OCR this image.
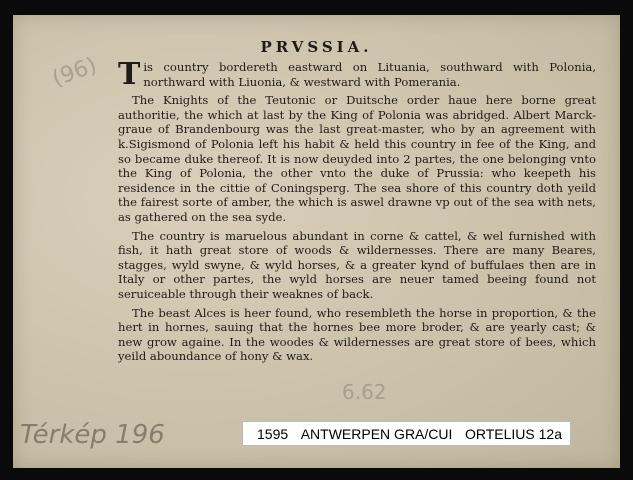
PRVSSIA.

Tis country bordereth eastward on Lituania, southward with Polonia, northward with Liuonia, & westward with Pomerania.

The Knights of the Teutonic or Duitsche order haue here borne great authoritie, the which at last by the King of Polonia was abridged. Albert Marck-graue of Brandenbourg was the last great-master, who by an agreement with k.Sigismond of Polonia left his habit & held this country in fee of the King, and so became duke thereof. It is now deuyded into 2 partes, the one belonging vnto the King of Polonia, the other vnto the duke of Prussia: who keepeth his residence in the cittie of Coningsperg. The sea shore of this country doth yeild the fairest sorte of amber, the which is aswel drawne vp out of the sea with nets, as gathered on the sea syde.

The country is maruelous abundant in corne & cattel, & wel furnished with fish, it hath great store of woods & wildernesses. There are many Beares, stagges, wyld swyne, & wyld horses, & a greater kynd of buffulaes then are in Italy or other partes, the wyld horses are neuer tamed beeing found not seruiceable through their weaknes of back.

The beast Alces is heer found, who resembleth the horse in proportion, & the hert in hornes, sauing that the hornes bee more broder, & are yearly cast; & new grow againe. In the woodes & wildernesses are great store of bees, which yeild aboundance of hony & wax.

(96)
6.62
Térkép 196	1595 ANTWERPEN GRA/CUI ORTELIUS 12a
